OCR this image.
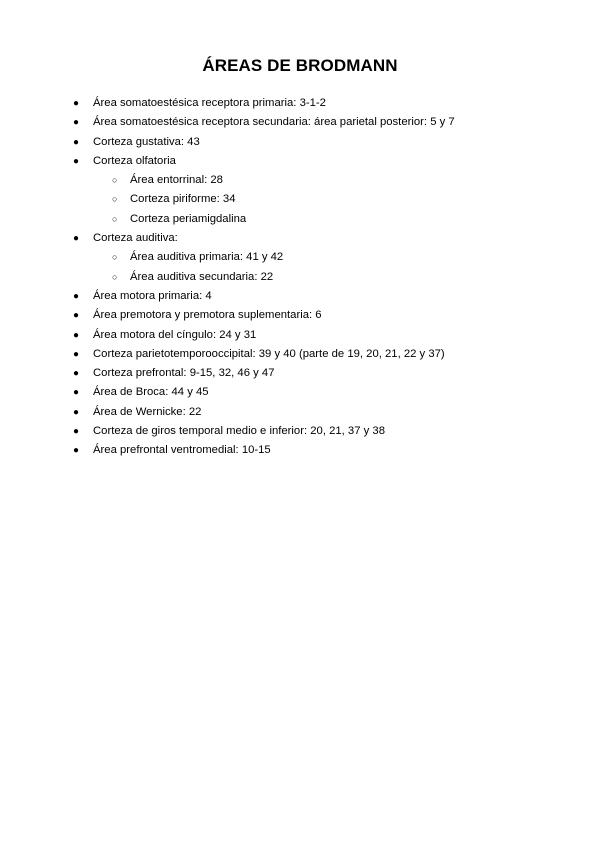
ÁREAS DE BRODMANN
● Área somatoestésica receptora primaria: 3-1-2
● Área somatoestésica receptora secundaria: área parietal posterior: 5 y 7
● Corteza gustativa: 43
● Corteza olfatoria
○ Área entorrinal: 28
○ Corteza piriforme: 34
○ Corteza periamigdalina
● Corteza auditiva:
○ Área auditiva primaria: 41 y 42
○ Área auditiva secundaria: 22
● Área motora primaria: 4
● Área premotora y premotora suplementaria: 6
● Área motora del cíngulo: 24 y 31
● Corteza parietotemporooccipital: 39 y 40 (parte de 19, 20, 21, 22 y 37)
● Corteza prefrontal: 9-15, 32, 46 y 47
● Área de Broca: 44 y 45
● Área de Wernicke: 22
● Corteza de giros temporal medio e inferior: 20, 21, 37 y 38
● Área prefrontal ventromedial: 10-15
